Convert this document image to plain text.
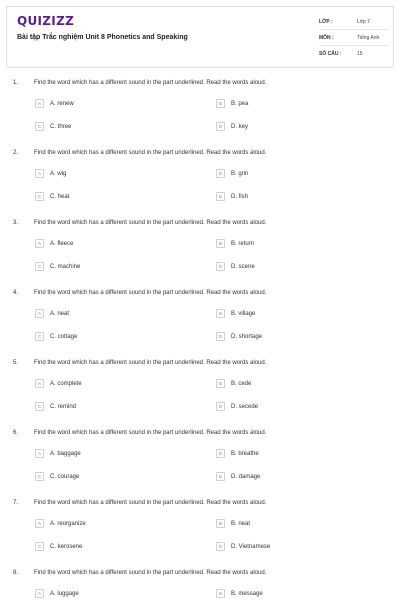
QUIZIZZ
Bài tập Trắc nghiệm Unit 8 Phonetics and Speaking
LỚP :	Lớp 7
MÔN :	Tiếng Anh
SỐ CÂU :	15
1.	Find the word which has a different sound in the part underlined. Read the words aloud.
A	A. renew	B	B. pea
C	C. three	D	D. key
2.	Find the word which has a different sound in the part underlined. Read the words aloud.
A	A. wig	B	B. grin
C	C. heat	D	D. fish
3.	Find the word which has a different sound in the part underlined. Read the words aloud.
A	A. fleece	B	B. return
C	C. machine	D	D. scene
4.	Find the word which has a different sound in the part underlined. Read the words aloud.
A	A. neat	B	B. village
C	C. cottage	D	D. shortage
5.	Find the word which has a different sound in the part underlined. Read the words aloud.
A	A. complete	B	B. cede
C	C. remind	D	D. secede
6.	Find the word which has a different sound in the part underlined. Read the words aloud.
A	A. baggage	B	B. breathe
C	C. courage	D	D. damage
7.	Find the word which has a different sound in the part underlined. Read the words aloud.
A	A. reorganize	B	B. neat
C	C. kerosene	D	D. Vietnamese
8.	Find the word which has a different sound in the part underlined. Read the words aloud.
A	A. luggage	B	B. message
